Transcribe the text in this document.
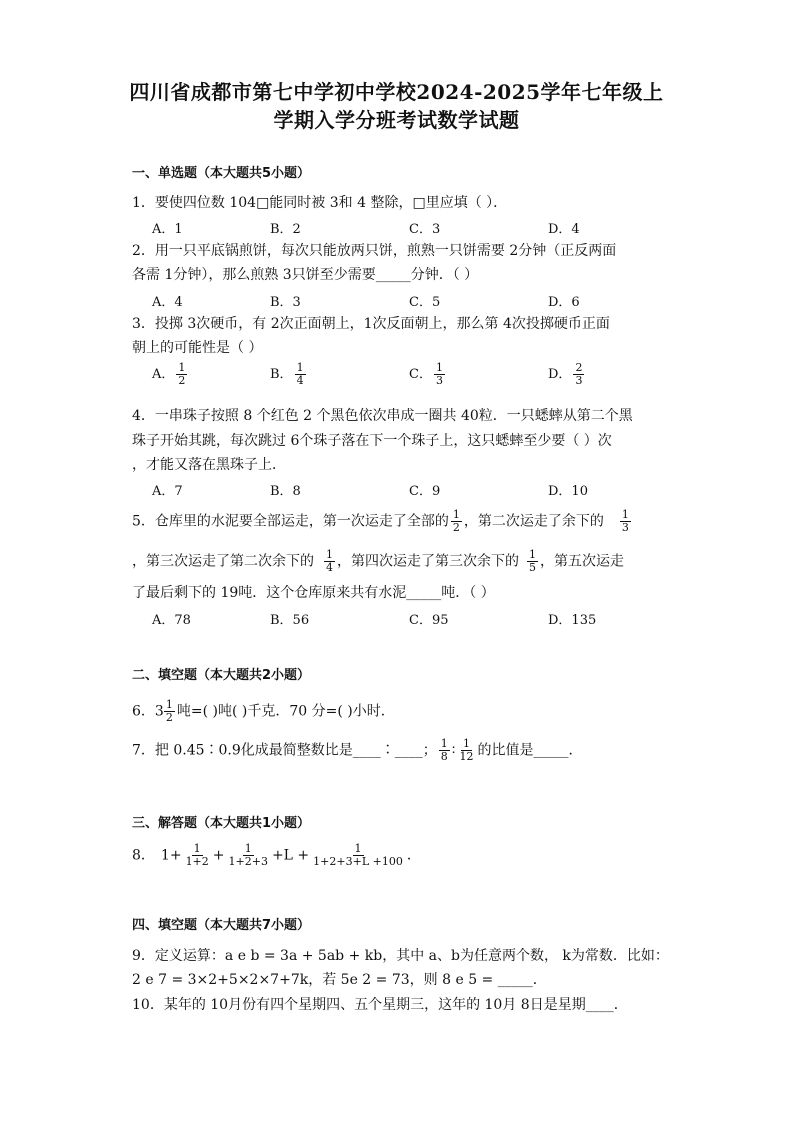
四川省成都市第七中学初中学校2024-2025学年七年级上
学期入学分班考试数学试题
一、单选题（本大题共5小题）
1．要使四位数 104□能同时被 3和 4 整除，□里应填（ ）．
A．1	B．2	C．3	D．4
2．用一只平底锅煎饼，每次只能放两只饼，煎熟一只饼需要 2分钟（正反两面
各需 1分钟），那么煎熟 3只饼至少需要_____分钟．（ ）
A．4	B．3	C．5	D．6
3．投掷 3次硬币，有 2次正面朝上，1次反面朝上，那么第 4次投掷硬币正面
朝上的可能性是（ ）
A． $\frac{1}{2}$	B． $\frac{1}{4}$	C． $\frac{1}{3}$	D． $\frac{2}{3}$
4．一串珠子按照 8 个红色 2 个黑色依次串成一圈共 40粒．一只蟋蟀从第二个黑
珠子开始其跳，每次跳过 6个珠子落在下一个珠子上，这只蟋蟀至少要（ ）次
，才能又落在黑珠子上．
A．7	B．8	C．9	D．10
5．仓库里的水泥要全部运走，第一次运走了全部的 $\frac{1}{2}$ ，第二次运走了余下的 $\frac{1}{3}$
，第三次运走了第二次余下的 $\frac{1}{4}$ ，第四次运走了第三次余下的 $\frac{1}{5}$ ，第五次运走
了最后剩下的 19吨．这个仓库原来共有水泥_____吨．（ ）
A．78	B．56	C．95	D．135
二、填空题（本大题共2小题）
6．$3 \frac{1}{2}$ 吨=( )吨( )千克．70 分=( )小时．
7．把 0.45∶0.9化成最简整数比是____∶____； $\frac{1}{8}$ ∶ $\frac{1}{12}$ 的比值是_____．
三、解答题（本大题共1小题）
8． $1+ \frac{1}{1+2} + \frac{1}{1+2+3} +L + \frac{1}{1+2+3+L +100}$ ．
四、填空题（本大题共7小题）
9．定义运算：a e b = 3a + 5ab + kb，其中 a、b为任意两个数， k为常数．比如：
2 e 7 = 3×2+5×2×7+7k，若 5e 2 = 73，则 8 e 5 = _____．
10．某年的 10月份有四个星期四、五个星期三，这年的 10月 8日是星期____．
